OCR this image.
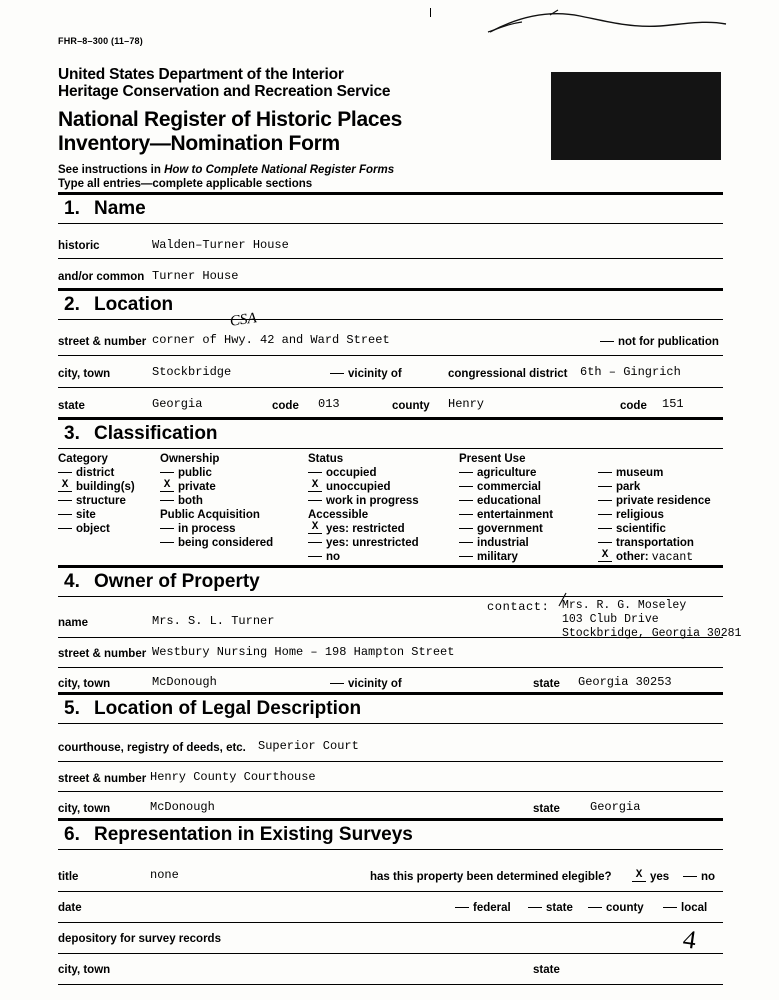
FHR–8–300 (11–78)
United States Department of the Interior
Heritage Conservation and Recreation Service
National Register of Historic Places
Inventory—Nomination Form
See instructions in How to Complete National Register Forms
Type all entries—complete applicable sections
1. Name
historic	Walden–Turner House
and/or common Turner House
2. Location
CSA
street & number corner of Hwy. 42 and Ward Street	not for publication
city, town	Stockbridge	vicinity of	congressional district 6th – Gingrich
state	Georgia	code 013	county Henry	code 151
3. Classification
Category
district
X building(s)
structure
site
object
Ownership
public
X private
both
Public Acquisition
in process
being considered
Status
occupied
X unoccupied
work in progress
Accessible
X yes: restricted
yes: unrestricted
no
Present Use
agriculture
commercial
educational
entertainment
government
industrial
military
museum
park
private residence
religious
scientific
transportation
X other: vacant
4. Owner of Property
name	Mrs. S. L. Turner
contact: Mrs. R. G. Moseley
103 Club Drive
Stockbridge, Georgia 30281
street & number Westbury Nursing Home – 198 Hampton Street
city, town	McDonough	vicinity of	state Georgia 30253
5. Location of Legal Description
courthouse, registry of deeds, etc. Superior Court
street & number Henry County Courthouse
city, town	McDonough	state	Georgia
6. Representation in Existing Surveys
title	none	has this property been determined elegible?	X yes	no
date	federal	state	county	local
depository for survey records	4
city, town	state
